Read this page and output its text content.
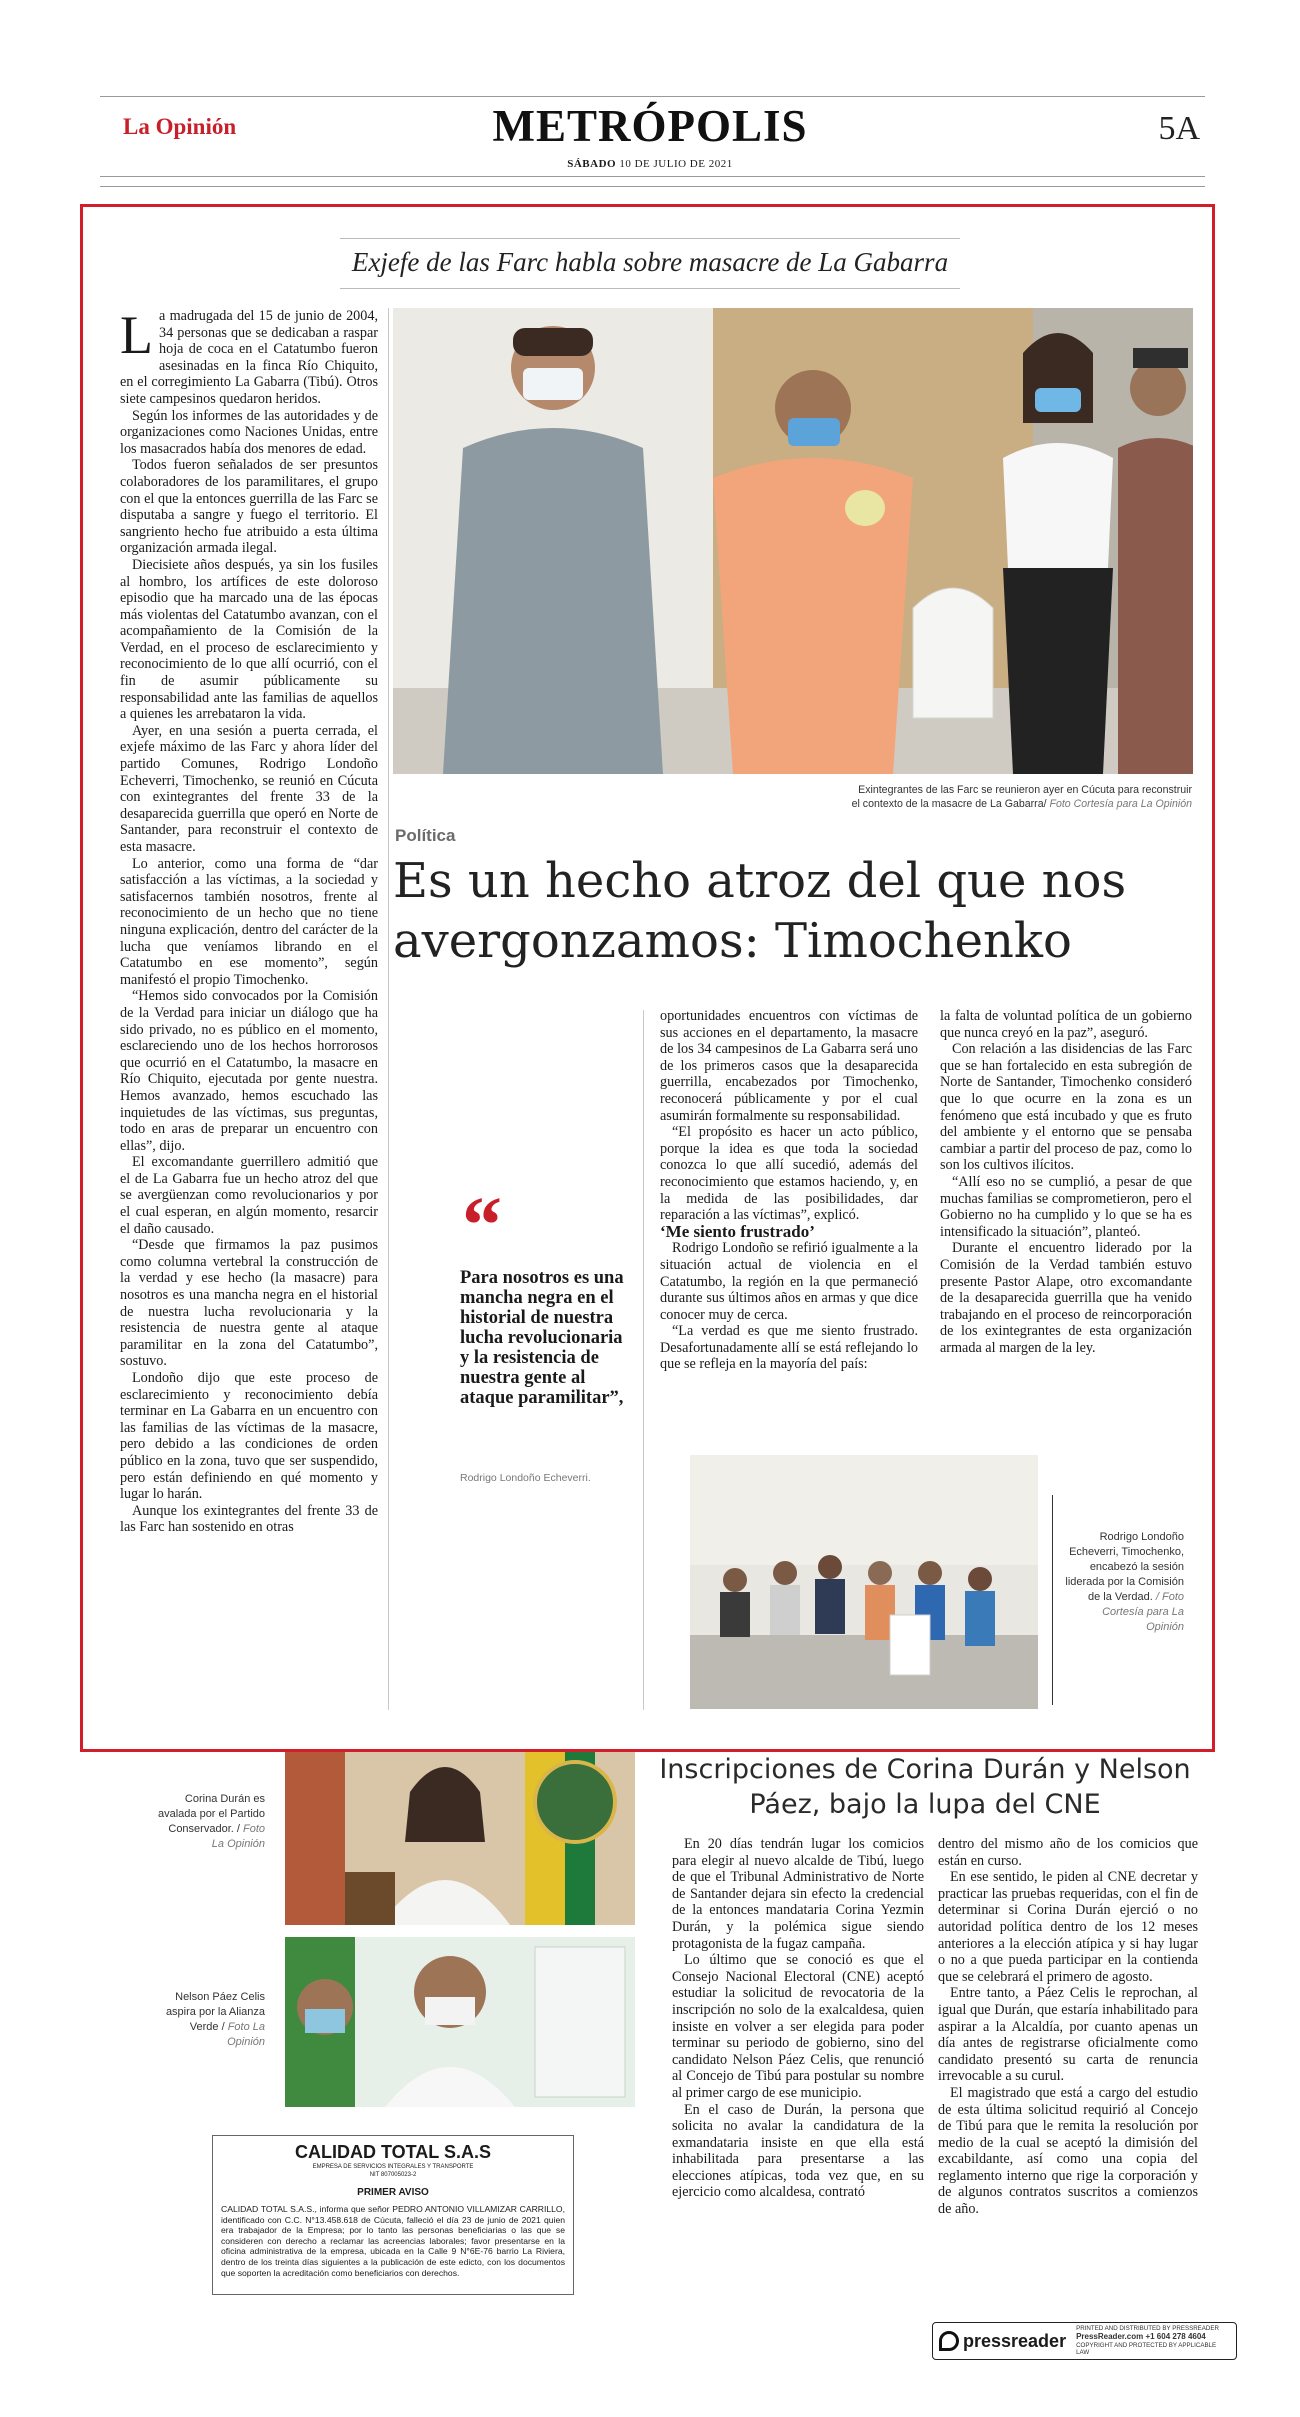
La Opinión	METRÓPOLIS	5A
SÁBADO 10 DE JULIO DE 2021
Exjefe de las Farc habla sobre masacre de La Gabarra

La madrugada del 15 de junio de 2004, 34 personas que se dedicaban a raspar hoja de coca en el Catatumbo fueron asesinadas en la finca Río Chiquito, en el corregimiento La Gabarra (Tibú). Otros siete campesinos quedaron heridos.

Según los informes de las autoridades y de organizaciones como Naciones Unidas, entre los masacrados había dos menores de edad.

Todos fueron señalados de ser presuntos colaboradores de los paramilitares, el grupo con el que la entonces guerrilla de las Farc se disputaba a sangre y fuego el territorio. El sangriento hecho fue atribuido a esta última organización armada ilegal.

Diecisiete años después, ya sin los fusiles al hombro, los artífices de este doloroso episodio que ha marcado una de las épocas más violentas del Catatumbo avanzan, con el acompañamiento de la Comisión de la Verdad, en el proceso de esclarecimiento y reconocimiento de lo que allí ocurrió, con el fin de asumir públicamente su responsabilidad ante las familias de aquellos a quienes les arrebataron la vida.

Ayer, en una sesión a puerta cerrada, el exjefe máximo de las Farc y ahora líder del partido Comunes, Rodrigo Londoño Echeverri, Timochenko, se reunió en Cúcuta con exintegrantes del frente 33 de la desaparecida guerrilla que operó en Norte de Santander, para reconstruir el contexto de esta masacre.

Lo anterior, como una forma de “dar satisfacción a las víctimas, a la sociedad y satisfacernos también nosotros, frente al reconocimiento de un hecho que no tiene ninguna explicación, dentro del carácter de la lucha que veníamos librando en el Catatumbo en ese momento”, según manifestó el propio Timochenko.

“Hemos sido convocados por la Comisión de la Verdad para iniciar un diálogo que ha sido privado, no es público en el momento, esclareciendo uno de los hechos horrorosos que ocurrió en el Catatumbo, la masacre en Río Chiquito, ejecutada por gente nuestra. Hemos avanzado, hemos escuchado las inquietudes de las víctimas, sus preguntas, todo en aras de preparar un encuentro con ellas”, dijo.

El excomandante guerrillero admitió que el de La Gabarra fue un hecho atroz del que se avergüenzan como revolucionarios y por el cual esperan, en algún momento, resarcir el daño causado.

“Desde que firmamos la paz pusimos como columna vertebral la construcción de la verdad y ese hecho (la masacre) para nosotros es una mancha negra en el historial de nuestra lucha revolucionaria y la resistencia de nuestra gente al ataque paramilitar en la zona del Catatumbo”, sostuvo.

Londoño dijo que este proceso de esclarecimiento y reconocimiento debía terminar en La Gabarra en un encuentro con las familias de las víctimas de la masacre, pero debido a las condiciones de orden público en la zona, tuvo que ser suspendido, pero están definiendo en qué momento y lugar lo harán.

Aunque los exintegrantes del frente 33 de las Farc han sostenido en otras

Exintegrantes de las Farc se reunieron ayer en Cúcuta para reconstruir
el contexto de la masacre de La Gabarra/ Foto Cortesía para La Opinión
Política
Es un hecho atroz del que nos avergonzamos: Timochenko
“
Para nosotros es una mancha negra en el historial de nuestra lucha revolucionaria y la resistencia de nuestra gente al ataque paramilitar”,
Rodrigo Londoño Echeverri.

oportunidades encuentros con víctimas de sus acciones en el departamento, la masacre de los 34 campesinos de La Gabarra será uno de los primeros casos que la desaparecida guerrilla, encabezados por Timochenko, reconocerá públicamente y por el cual asumirán formalmente su responsabilidad.

“El propósito es hacer un acto público, porque la idea es que toda la sociedad conozca lo que allí sucedió, además del reconocimiento que estamos haciendo, y, en la medida de las posibilidades, dar reparación a las víctimas”, explicó.

‘Me siento frustrado’

Rodrigo Londoño se refirió igualmente a la situación actual de violencia en el Catatumbo, la región en la que permaneció durante sus últimos años en armas y que dice conocer muy de cerca.

“La verdad es que me siento frustrado. Desafortunadamente allí se está reflejando lo que se refleja en la mayoría del país:

la falta de voluntad política de un gobierno que nunca creyó en la paz”, aseguró.

Con relación a las disidencias de las Farc que se han fortalecido en esta subregión de Norte de Santander, Timochenko consideró que lo que ocurre en la zona es un fenómeno que está incubado y que es fruto del ambiente y el entorno que se pensaba cambiar a partir del proceso de paz, como lo son los cultivos ilícitos.

“Allí eso no se cumplió, a pesar de que muchas familias se comprometieron, pero el Gobierno no ha cumplido y lo que se ha es intensificado la situación”, planteó.

Durante el encuentro liderado por la Comisión de la Verdad también estuvo presente Pastor Alape, otro excomandante de la desaparecida guerrilla que ha venido trabajando en el proceso de reincorporación de los exintegrantes de esta organización armada al margen de la ley.

Rodrigo Londoño Echeverri, Timochenko, encabezó la sesión liderada por la Comisión de la Verdad. / Foto Cortesía para La Opinión
Corina Durán es avalada por el Partido Conservador. / Foto La Opinión
Nelson Páez Celis aspira por la Alianza Verde / Foto La Opinión
Inscripciones de Corina Durán y Nelson Páez, bajo la lupa del CNE

En 20 días tendrán lugar los comicios para elegir al nuevo alcalde de Tibú, luego de que el Tribunal Administrativo de Norte de Santander dejara sin efecto la credencial de la entonces mandataria Corina Yezmin Durán, y la polémica sigue siendo protagonista de la fugaz campaña.

Lo último que se conoció es que el Consejo Nacional Electoral (CNE) aceptó estudiar la solicitud de revocatoria de la inscripción no solo de la exalcaldesa, quien insiste en volver a ser elegida para poder terminar su periodo de gobierno, sino del candidato Nelson Páez Celis, que renunció al Concejo de Tibú para postular su nombre al primer cargo de ese municipio.

En el caso de Durán, la persona que solicita no avalar la candidatura de la exmandataria insiste en que ella está inhabilitada para presentarse a las elecciones atípicas, toda vez que, en su ejercicio como alcaldesa, contrató

dentro del mismo año de los comicios que están en curso.

En ese sentido, le piden al CNE decretar y practicar las pruebas requeridas, con el fin de determinar si Corina Durán ejerció o no autoridad política dentro de los 12 meses anteriores a la elección atípica y si hay lugar o no a que pueda participar en la contienda que se celebrará el primero de agosto.

Entre tanto, a Páez Celis le reprochan, al igual que Durán, que estaría inhabilitado para aspirar a la Alcaldía, por cuanto apenas un día antes de registrarse oficialmente como candidato presentó su carta de renuncia irrevocable a su curul.

El magistrado que está a cargo del estudio de esta última solicitud requirió al Concejo de Tibú para que le remita la resolución por medio de la cual se aceptó la dimisión del excabildante, así como una copia del reglamento interno que rige la corporación y de algunos contratos suscritos a comienzos de año.

CALIDAD TOTAL S.A.S
EMPRESA DE SERVICIOS INTEGRALES Y TRANSPORTE
NIT 807005023-2
PRIMER AVISO
CALIDAD TOTAL S.A.S., informa que señor PEDRO ANTONIO VILLAMIZAR CARRILLO, identificado con C.C. N°13.458.618 de Cúcuta, falleció el día 23 de junio de 2021 quien era trabajador de la Empresa; por lo tanto las personas beneficiarias o las que se consideren con derecho a reclamar las acreencias laborales; favor presentarse en la oficina administrativa de la empresa, ubicada en la Calle 9 N°6E-76 barrio La Riviera, dentro de los treinta días siguientes a la publicación de este edicto, con los documentos que soporten la acreditación como beneficiarios con derechos.
pressreader
PRINTED AND DISTRIBUTED BY PRESSREADER
PressReader.com +1 604 278 4604
COPYRIGHT AND PROTECTED BY APPLICABLE LAW
